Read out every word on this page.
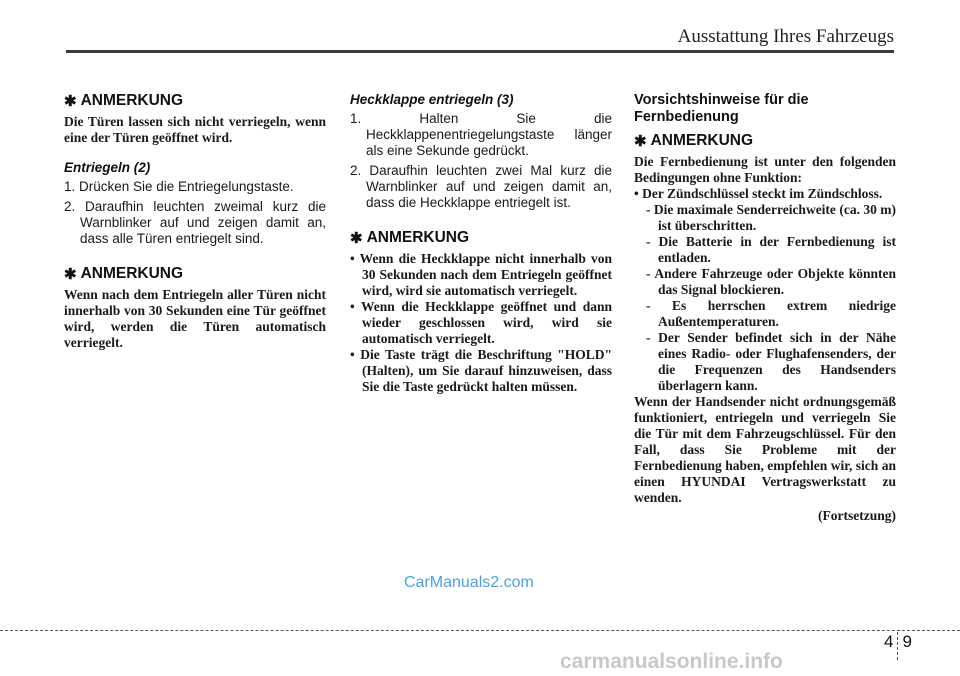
Ausstattung Ihres Fahrzeugs
✱ ANMERKUNG

Die Türen lassen sich nicht verriegeln, wenn eine der Türen geöffnet wird.

Entriegeln (2)
1. Drücken Sie die Entriegelungstaste.
2. Daraufhin leuchten zweimal kurz die Warnblinker auf und zeigen damit an, dass alle Türen entriegelt sind.
✱ ANMERKUNG

Wenn nach dem Entriegeln aller Türen nicht innerhalb von 30 Sekunden eine Tür geöffnet wird, werden die Türen automatisch verriegelt.

Heckklappe entriegeln (3)
1. Halten Sie die Heckklappenentriegelungstaste länger als eine Sekunde gedrückt.
2. Daraufhin leuchten zwei Mal kurz die Warnblinker auf und zeigen damit an, dass die Heckklappe entriegelt ist.
✱ ANMERKUNG
• Wenn die Heckklappe nicht innerhalb von 30 Sekunden nach dem Entriegeln geöffnet wird, wird sie automatisch verriegelt.
• Wenn die Heckklappe geöffnet und dann wieder geschlossen wird, wird sie automatisch verriegelt.
• Die Taste trägt die Beschriftung "HOLD" (Halten), um Sie darauf hinzuweisen, dass Sie die Taste gedrückt halten müssen.
Vorsichtshinweise für die Fernbedienung
✱ ANMERKUNG

Die Fernbedienung ist unter den folgenden Bedingungen ohne Funktion:

• Der Zündschlüssel steckt im Zündschloss.
- Die maximale Senderreichweite (ca. 30 m) ist überschritten.
- Die Batterie in der Fernbedienung ist entladen.
- Andere Fahrzeuge oder Objekte könnten das Signal blockieren.
- Es herrschen extrem niedrige Außentemperaturen.
- Der Sender befindet sich in der Nähe eines Radio- oder Flughafensenders, der die Frequenzen des Handsenders überlagern kann.

Wenn der Handsender nicht ordnungsgemäß funktioniert, entriegeln und verriegeln Sie die Tür mit dem Fahrzeugschlüssel. Für den Fall, dass Sie Probleme mit der Fernbedienung haben, empfehlen wir, sich an einen HYUNDAI Vertragswerkstatt zu wenden.

(Fortsetzung)
CarManuals2.com
4 9
carmanualsonline.info
